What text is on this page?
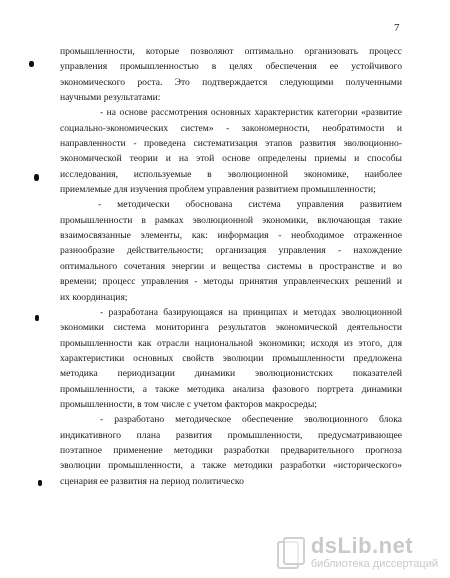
7
промышленности, которые позволяют оптимально организовать процесс
управления промышленностью в целях обеспечения ее устойчивого
экономического роста. Это подтверждается следующими полученными
научными результатами:
- на основе рассмотрения основных характеристик категории «развитие
социально-экономических систем» - закономерности, необратимости и
направленности - проведена систематизация этапов развития эволюционно-
экономической теории и на этой основе определены приемы и способы
исследования, используемые в эволюционной экономике, наиболее
приемлемые для изучения проблем управления развитием промышленности;
- методически обоснована система управления развитием
промышленности в рамках эволюционной экономики, включающая такие
взаимосвязанные элементы, как: информация - необходимое отраженное
разнообразие действительности; организация управления - нахождение
оптимального сочетания энергии и вещества системы в пространстве и во
времени; процесс управления - методы принятия управленческих решений и
их координация;
- разработана базирующаяся на принципах и методах эволюционной
экономики система мониторинга результатов экономической деятельности
промышленности как отрасли национальной экономики; исходя из этого, для
характеристики основных свойств эволюции промышленности предложена
методика периодизации динамики эволюционистских показателей
промышленности, а также методика анализа фазового портрета динамики
промышленности, в том числе с учетом факторов макросреды;
- разработано методическое обеспечение эволюционного блока
индикативного плана развития промышленности, предусматривающее
поэтапное применение методики разработки предварительного прогноза
эволюции промышленности, а также методики разработки «исторического»
сценария ее развития на период политическо
dsLib.net
библиотека диссертаций
